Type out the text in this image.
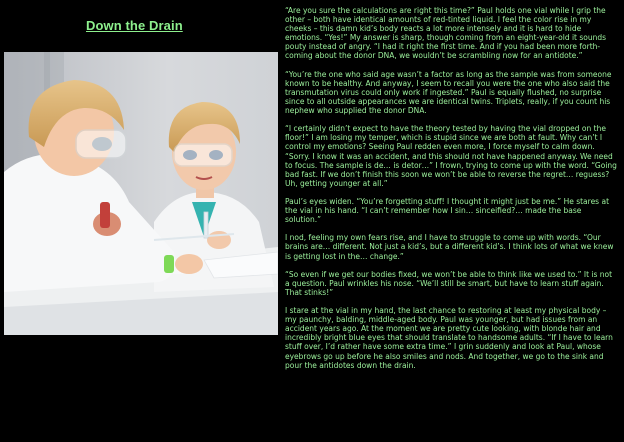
Down the Drain

“Are you sure the calculations are right this time?” Paul holds one vial while I grip the other – both have identical amounts of red-tinted liquid. I feel the color rise in my cheeks – this damn kid’s body reacts a lot more intensely and it is hard to hide emotions. “Yes!” My answer is sharp, though coming from an eight-year-old it sounds pouty instead of angry. “I had it right the first time. And if you had been more forth-coming about the donor DNA, we wouldn’t be scrambling now for an antidote.”

“You’re the one who said age wasn’t a factor as long as the sample was from someone known to be healthy. And anyway, I seem to recall you were the one who also said the transmutation virus could only work if ingested.” Paul is equally flushed, no surprise since to all outside appearances we are identical twins. Triplets, really, if you count his nephew who supplied the donor DNA.

“I certainly didn’t expect to have the theory tested by having the vial dropped on the floor!” I am losing my temper, which is stupid since we are both at fault. Why can’t I control my emotions? Seeing Paul redden even more, I force myself to calm down. “Sorry. I know it was an accident, and this should not have happened anyway. We need to focus. The sample is de… is detor…” I frown, trying to come up with the word. “Going bad fast. If we don’t finish this soon we won’t be able to reverse the regret… reguess? Uh, getting younger at all.”

Paul’s eyes widen. “You’re forgetting stuff! I thought it might just be me.” He stares at the vial in his hand. “I can’t remember how I sin… sinceified?… made the base solution.”

I nod, feeling my own fears rise, and I have to struggle to come up with words. “Our brains are… different. Not just a kid’s, but a different kid’s. I think lots of what we knew is getting lost in the… change.”

“So even if we get our bodies fixed, we won’t be able to think like we used to.” It is not a question. Paul wrinkles his nose. “We’ll still be smart, but have to learn stuff again. That stinks!”

I stare at the vial in my hand, the last chance to restoring at least my physical body – my paunchy, balding, middle-aged body. Paul was younger, but had issues from an accident years ago. At the moment we are pretty cute looking, with blonde hair and incredibly bright blue eyes that should translate to handsome adults. “If I have to learn stuff over, I’d rather have some extra time.” I grin suddenly and look at Paul, whose eyebrows go up before he also smiles and nods. And together, we go to the sink and pour the antidotes down the drain.
